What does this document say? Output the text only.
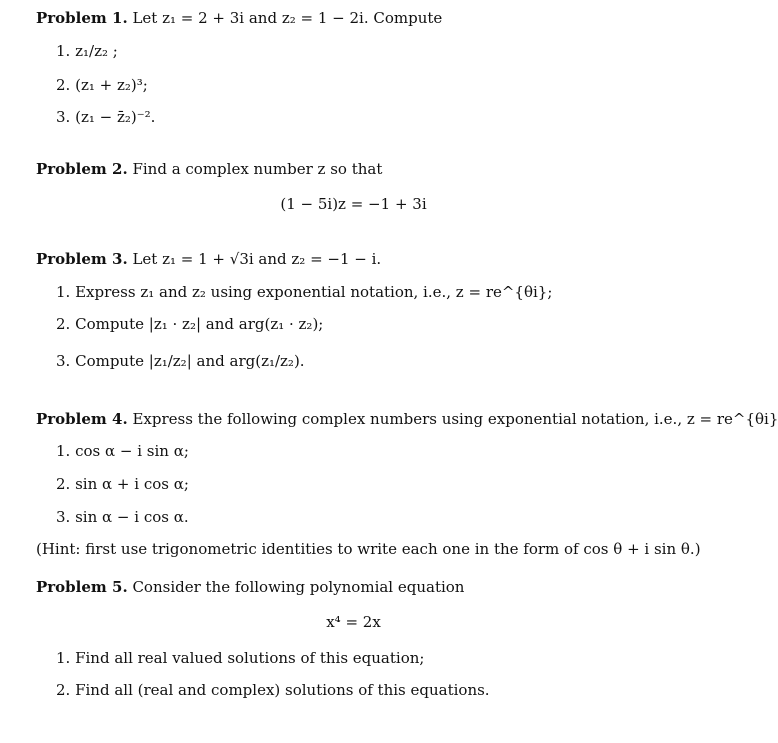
Problem 1. Let z₁ = 2 + 3i and z₂ = 1 − 2i. Compute
1. z₁/z₂ ;
2. (z₁ + z₂)³;
3. (z₁ − z̄₂)⁻².
Problem 2. Find a complex number z so that
(1 − 5i)z = −1 + 3i
Problem 3. Let z₁ = 1 + √3i and z₂ = −1 − i.
1. Express z₁ and z₂ using exponential notation, i.e., z = re^{θi};
2. Compute |z₁ · z₂| and arg(z₁ · z₂);
3. Compute |z₁/z₂| and arg(z₁/z₂).
Problem 4. Express the following complex numbers using exponential notation, i.e., z = re^{θi}
1. cos α − i sin α;
2. sin α + i cos α;
3. sin α − i cos α.
(Hint: first use trigonometric identities to write each one in the form of cos θ + i sin θ.)
Problem 5. Consider the following polynomial equation
x⁴ = 2x
1. Find all real valued solutions of this equation;
2. Find all (real and complex) solutions of this equations.
